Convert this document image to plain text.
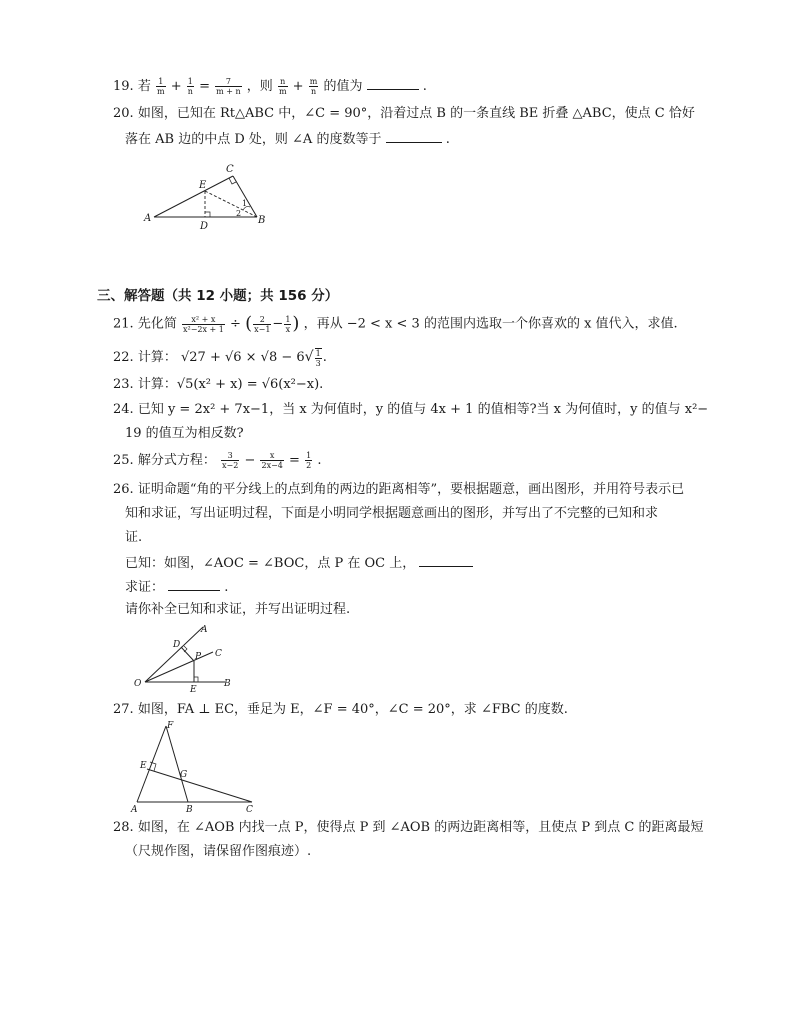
19. 若 $\frac{1}{m} + \frac{1}{n} = \frac{7}{m + n}$ ，则 $\frac{n}{m} + \frac{m}{n}$ 的值为	.
20. 如图，已知在 Rt△ABC 中，∠C = 90°，沿着过点 B 的一条直线 BE 折叠 △ABC，使点 C 恰好
落在 AB 边的中点 D 处，则 ∠A 的度数等于	.
A	B
C
D
E
1
2
三、解答题（共 12 小题；共 156 分）
21. 先化简 $\frac{\text{x² + x}}{\text{x²−2x + 1}}$ ÷ ( $\frac{2}{x-1} - \frac{1}{x}$ ) ，再从 −2 < x < 3 的范围内选取一个你喜欢的 x 值代入，求值.
22. 计算： $√27 + √6 \times √8 - 6√ \frac{1}{3}$ .
23. 计算：√5(x² + x) = √6(x²−x).
24. 已知 y = 2x² + 7x−1，当 x 为何值时，y 的值与 4x + 1 的值相等?当 x 为何值时，y 的值与 x²−
19 的值互为相反数?
25. 解分式方程： $\frac{3}{x-2} - \frac{x}{2x-4} = \frac{1}{2}$ .
26. 证明命题“角的平分线上的点到角的两边的距离相等”，要根据题意，画出图形，并用符号表示已
知和求证，写出证明过程，下面是小明同学根据题意画出的图形，并写出了不完整的已知和求
证.
已知：如图，∠AOC = ∠BOC，点 P 在 OC 上，
求证：	.
请你补全已知和求证，并写出证明过程.
O
A
B
C
D
E
P
27. 如图，FA ⊥ EC，垂足为 E，∠F = 40°，∠C = 20°，求 ∠FBC 的度数.
F
E
G
A	B	C
28. 如图，在 ∠AOB 内找一点 P，使得点 P 到 ∠AOB 的两边距离相等，且使点 P 到点 C 的距离最短
（尺规作图，请保留作图痕迹）.
